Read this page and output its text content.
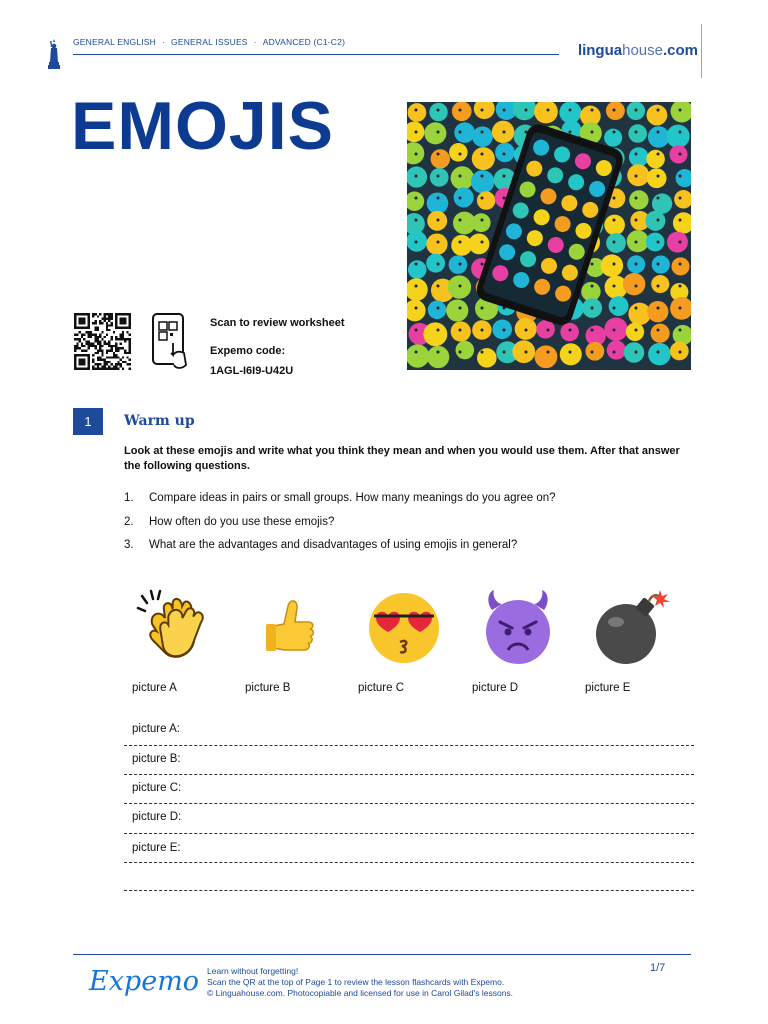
GENERAL ENGLISH · GENERAL ISSUES · ADVANCED (C1-C2)	linguahouse.com
EMOJIS
Scan to review worksheet
Expemo code:
1AGL-I6I9-U42U
1	Warm up
Look at these emojis and write what you think they mean and when you would use them. After that answer the following questions.
1. Compare ideas in pairs or small groups. How many meanings do you agree on?
2. How often do you use these emojis?
3. What are the advantages and disadvantages of using emojis in general?
picture A	picture B	picture C	picture D	picture E
picture A:
picture B:
picture C:
picture D:
picture E:
Expemo Learn without forgetting!
Scan the QR at the top of Page 1 to review the lesson flashcards with Expemo.
© Linguahouse.com. Photocopiable and licensed for use in Carol Gilad's lessons.
1/7
